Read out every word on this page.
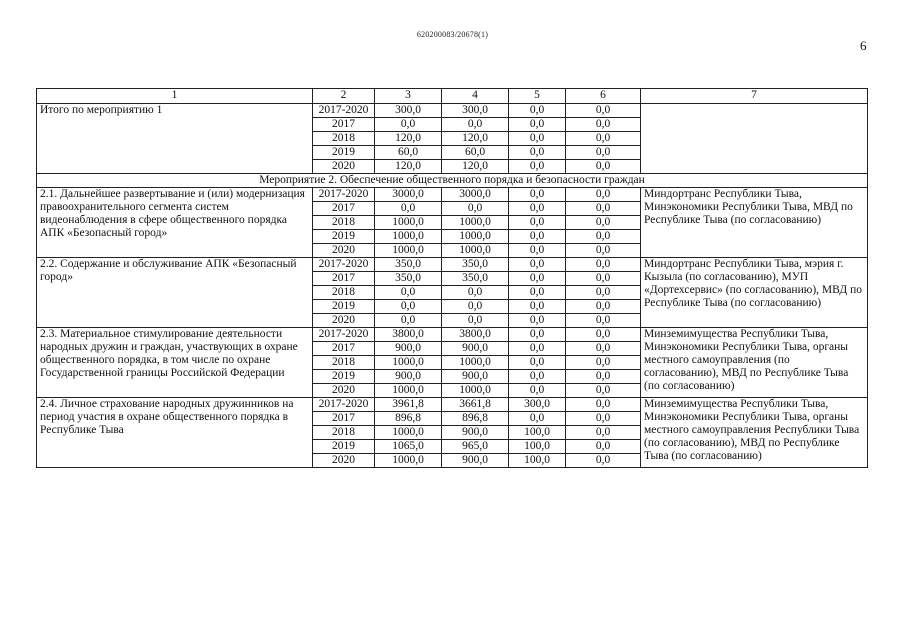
620200083/20678(1)
6
1	2	3	4	5	6	7
Итого по мероприятию 1	2017-2020	300,0	300,0	0,0	0,0	
	2017	0,0	0,0	0,0	0,0	
	2018	120,0	120,0	0,0	0,0	
	2019	60,0	60,0	0,0	0,0	
	2020	120,0	120,0	0,0	0,0	
Мероприятие 2. Обеспечение общественного порядка и безопасности граждан						
2.1. Дальнейшее развертывание и (или) модернизация правоохранительного сегмента систем видеонаблюдения в сфере общественного порядка АПК «Безопасный город»	2017-2020	3000,0	3000,0	0,0	0,0	Миндортранс Республики Тыва, Минэкономики Республики Тыва, МВД по Республике Тыва (по согласованию)
	2017	0,0	0,0	0,0	0,0	
	2018	1000,0	1000,0	0,0	0,0	
	2019	1000,0	1000,0	0,0	0,0	
	2020	1000,0	1000,0	0,0	0,0	
2.2. Содержание и обслуживание АПК «Безопасный город»	2017-2020	350,0	350,0	0,0	0,0	Миндортранс Республики Тыва, мэрия г. Кызыла (по согласованию), МУП «Дортехсервис» (по согласованию), МВД по Республике Тыва (по согласованию)
	2017	350,0	350,0	0,0	0,0	
	2018	0,0	0,0	0,0	0,0	
	2019	0,0	0,0	0,0	0,0	
	2020	0,0	0,0	0,0	0,0	
2.3. Материальное стимулирование деятельности народных дружин и граждан, участвующих в охране общественного порядка, в том числе по охране Государственной границы Российской Федерации	2017-2020	3800,0	3800,0	0,0	0,0	Минземимущества Республики Тыва, Минэкономики Республики Тыва, органы местного самоуправления (по согласованию), МВД по Республике Тыва (по согласованию)
	2017	900,0	900,0	0,0	0,0	
	2018	1000,0	1000,0	0,0	0,0	
	2019	900,0	900,0	0,0	0,0	
	2020	1000,0	1000,0	0,0	0,0	
2.4. Личное страхование народных дружинников на период участия в охране общественного порядка в Республике Тыва	2017-2020	3961,8	3661,8	300,0	0,0	Минземимущества Республики Тыва, Минэкономики Республики Тыва, органы местного самоуправления Республики Тыва (по согласованию), МВД по Республике Тыва (по согласованию)
	2017	896,8	896,8	0,0	0,0	
	2018	1000,0	900,0	100,0	0,0	
	2019	1065,0	965,0	100,0	0,0	
	2020	1000,0	900,0	100,0	0,0	
